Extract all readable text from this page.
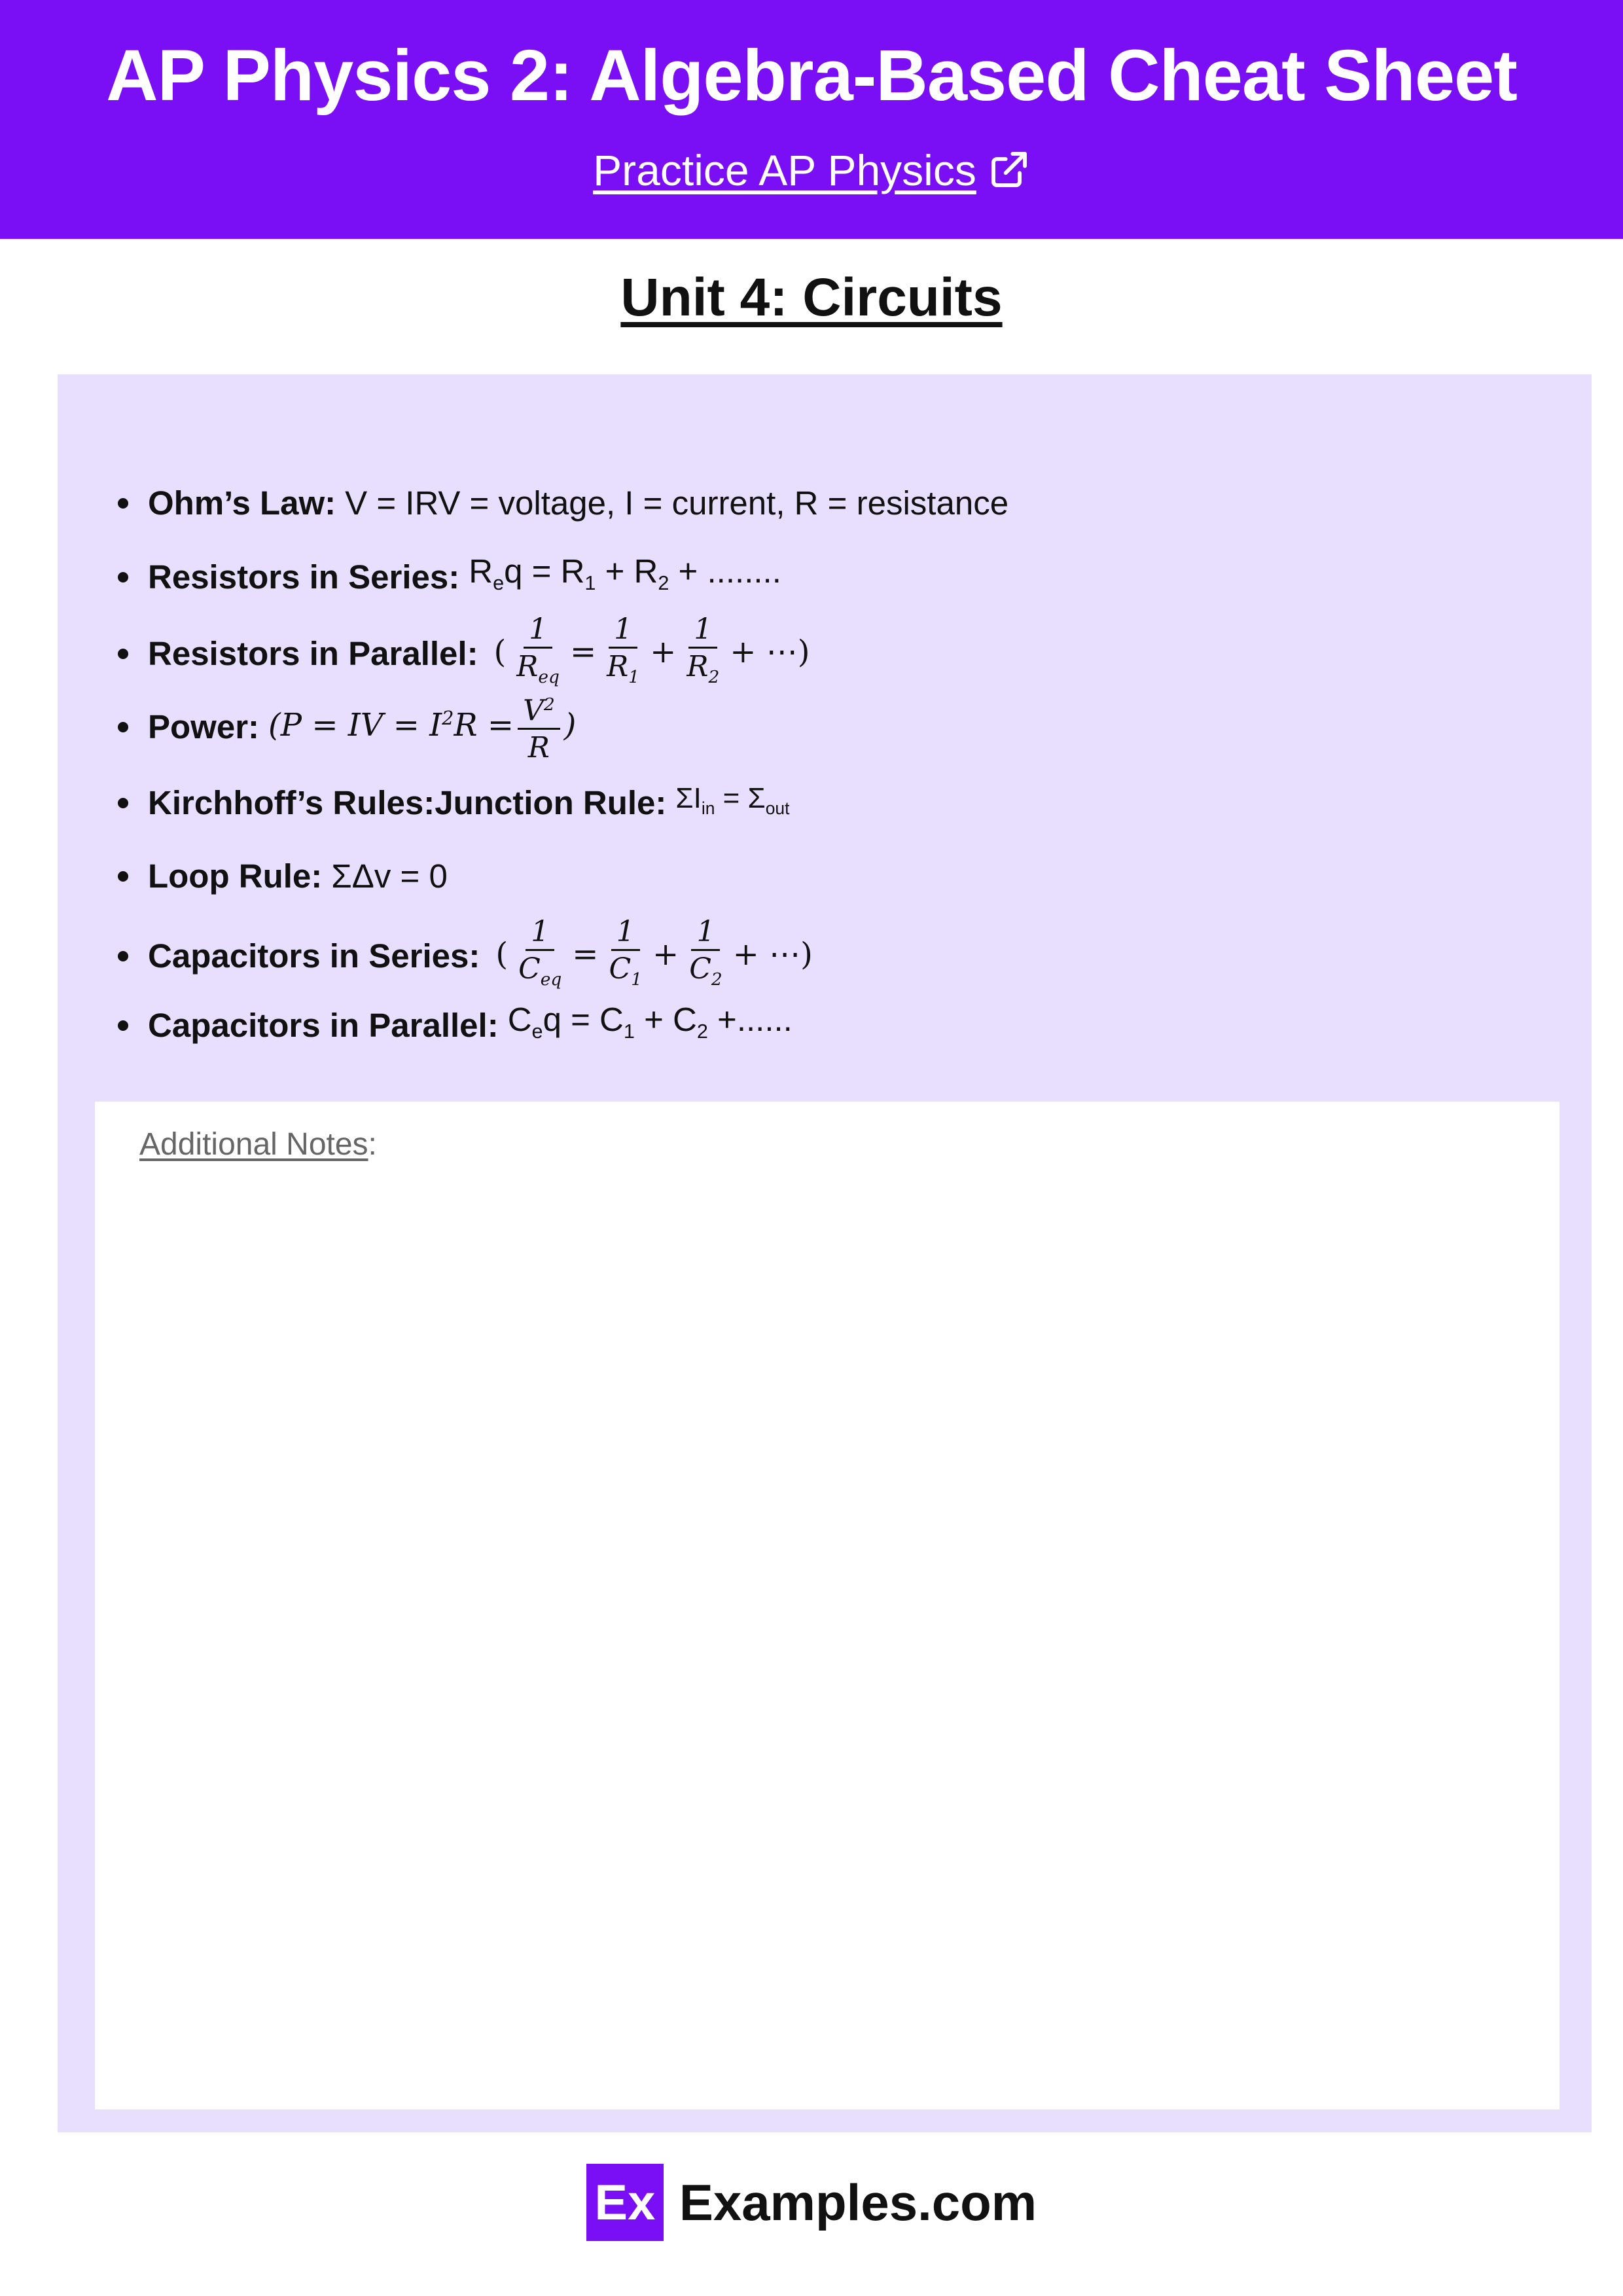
AP Physics 2: Algebra-Based Cheat Sheet
Practice AP Physics
Unit 4: Circuits
Ohm’s Law: V = IRV = voltage, I = current, R = resistance
Resistors in Series: $R_eq = R_1 + R_2$ + ........
Resistors in Parallel: ( $\frac{1}{R_{eq}} = \frac{1}{R_1} + \frac{1}{R_2}$ + ⋯)
Power: (P = IV = $I^2R = \frac{V^2}{R}$ )
Kirchhoff’s Rules:Junction Rule: $\Sigma I_{in} = \Sigma_{out}$
Loop Rule: ΣΔv = 0
Capacitors in Series: ( $\frac{1}{C_{eq}} = \frac{1}{C_1} + \frac{1}{C_2}$ + ⋯)
Capacitors in Parallel: $C_eq = C_1 + C_2$ +......
Additional Notes:
Ex Examples.com
